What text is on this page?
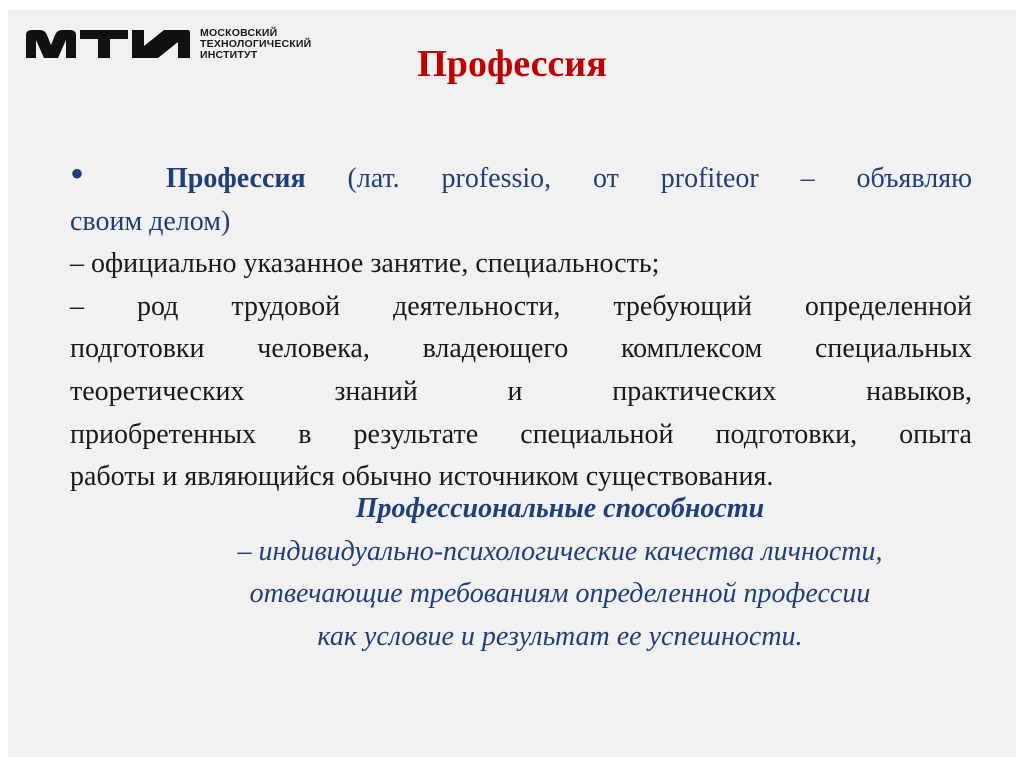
МОСКОВСКИЙ
ТЕХНОЛОГИЧЕСКИЙ
ИНСТИТУТ	Профессия

•	Профессия (лат. professio, от profiteor – объявляю

своим делом)

– официально указанное занятие, специальность;

– род трудовой деятельности, требующий определенной

подготовки человека, владеющего комплексом специальных

теоретических знаний и практических навыков,

приобретенных в результате специальной подготовки, опыта

работы и являющийся обычно источником существования.

Профессиональные способности

– индивидуально-психологические качества личности,

отвечающие требованиям определенной профессии

как условие и результат ее успешности.
